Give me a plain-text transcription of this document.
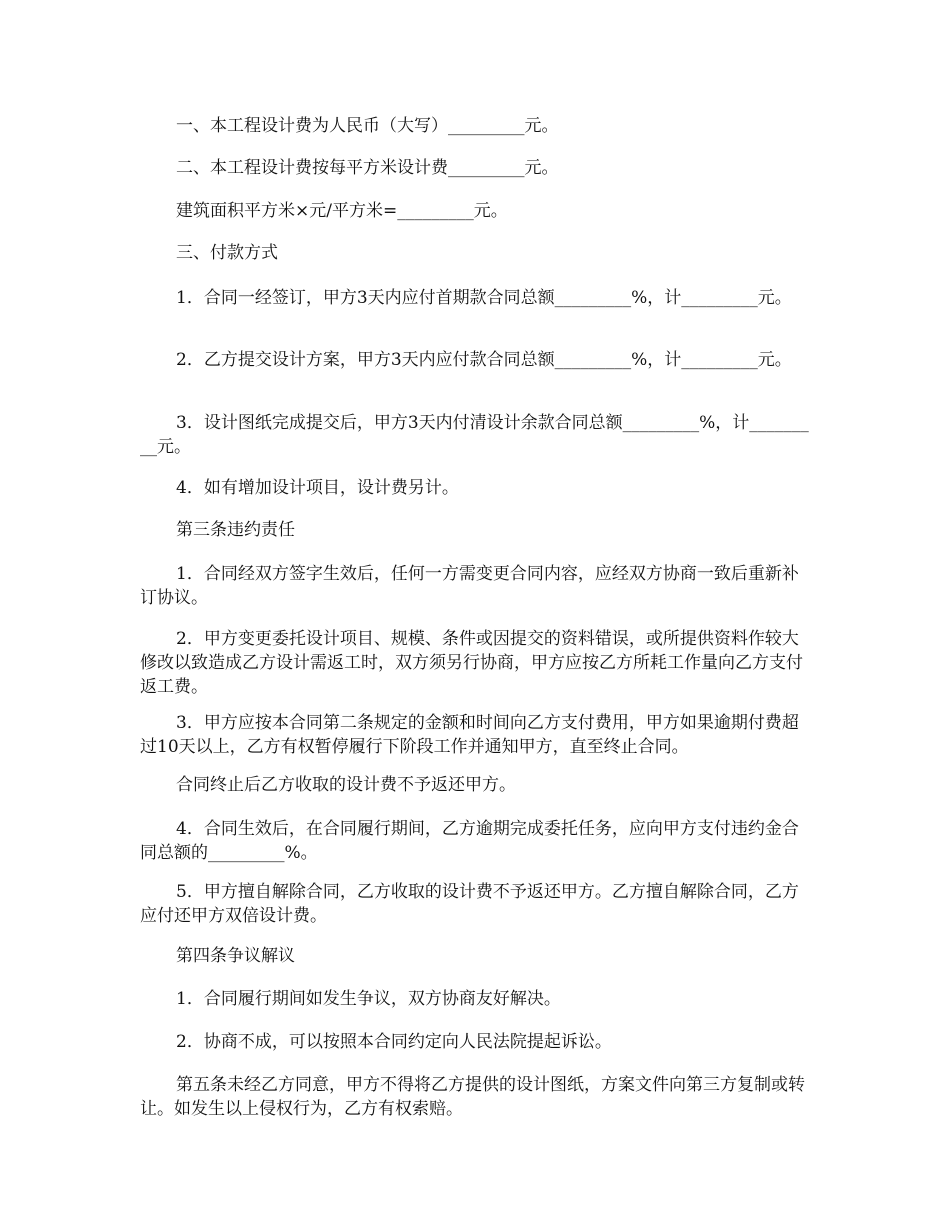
一、本工程设计费为人民币（大写）_________元。

二、本工程设计费按每平方米设计费_________元。

建筑面积平方米×元/平方米=_________元。

三、付款方式

1．合同一经签订，甲方3天内应付首期款合同总额_________%，计_________元。

2．乙方提交设计方案，甲方3天内应付款合同总额_________%，计_________元。

3．设计图纸完成提交后，甲方3天内付清设计余款合同总额_________%，计_________元。

4．如有增加设计项目，设计费另计。

第三条违约责任

1．合同经双方签字生效后，任何一方需变更合同内容，应经双方协商一致后重新补订协议。

2．甲方变更委托设计项目、规模、条件或因提交的资料错误，或所提供资料作较大修改以致造成乙方设计需返工时，双方须另行协商，甲方应按乙方所耗工作量向乙方支付返工费。

3．甲方应按本合同第二条规定的金额和时间向乙方支付费用，甲方如果逾期付费超过10天以上，乙方有权暂停履行下阶段工作并通知甲方，直至终止合同。

合同终止后乙方收取的设计费不予返还甲方。

4．合同生效后，在合同履行期间，乙方逾期完成委托任务，应向甲方支付违约金合同总额的_________%。

5．甲方擅自解除合同，乙方收取的设计费不予返还甲方。乙方擅自解除合同，乙方应付还甲方双倍设计费。

第四条争议解议

1．合同履行期间如发生争议，双方协商友好解决。

2．协商不成，可以按照本合同约定向人民法院提起诉讼。

第五条未经乙方同意，甲方不得将乙方提供的设计图纸，方案文件向第三方复制或转让。如发生以上侵权行为，乙方有权索赔。
